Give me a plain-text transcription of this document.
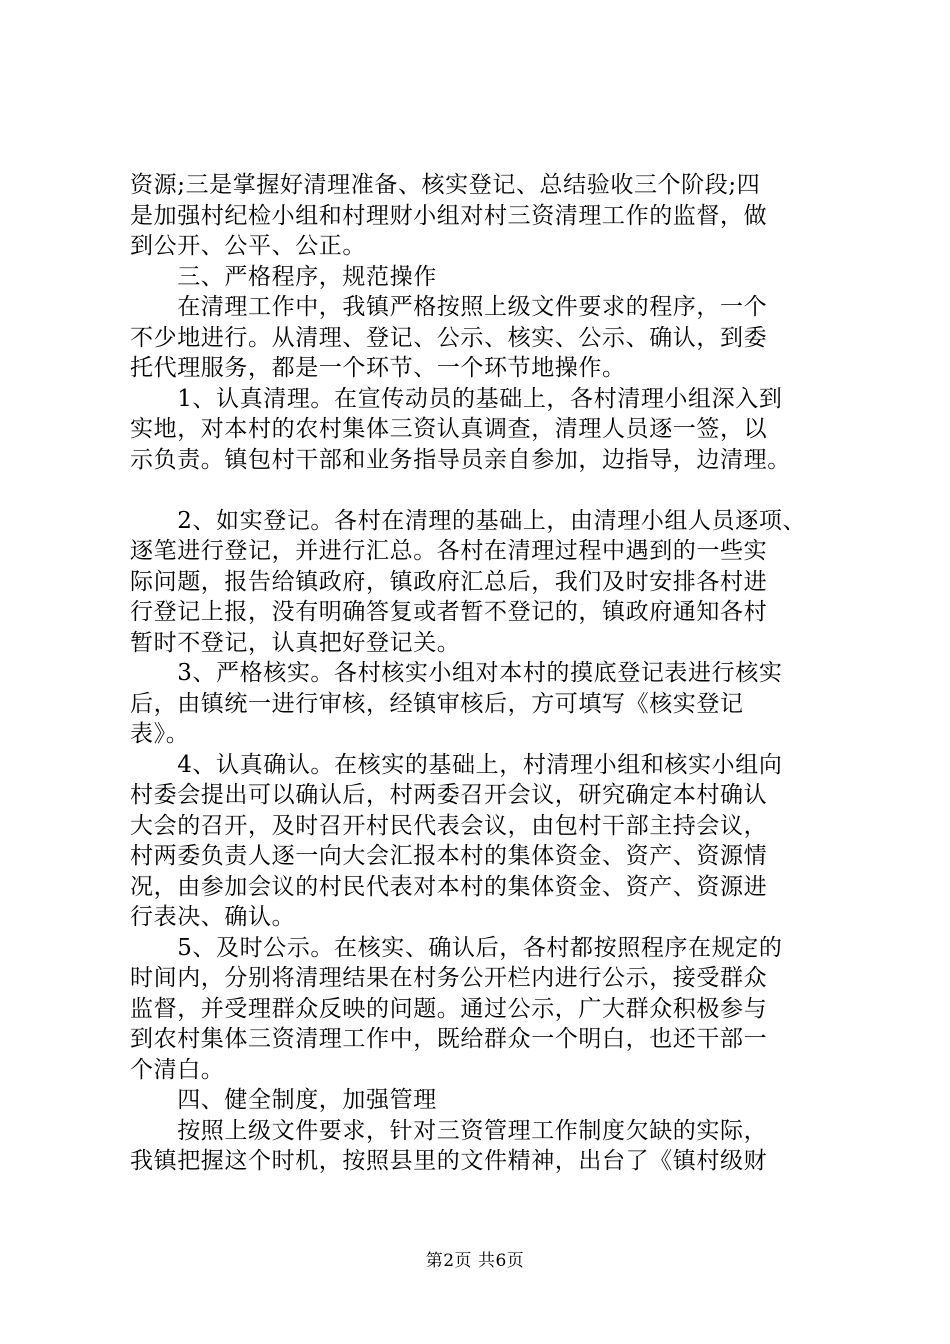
资源;三是掌握好清理准备、核实登记、总结验收三个阶段;四
是加强村纪检小组和村理财小组对村三资清理工作的监督，做
到公开、公平、公正。
　　三、严格程序，规范操作
　　在清理工作中，我镇严格按照上级文件要求的程序，一个
不少地进行。从清理、登记、公示、核实、公示、确认，到委
托代理服务，都是一个环节、一个环节地操作。
　　1、认真清理。在宣传动员的基础上，各村清理小组深入到
实地，对本村的农村集体三资认真调查，清理人员逐一签，以
示负责。镇包村干部和业务指导员亲自参加，边指导，边清理。
　　2、如实登记。各村在清理的基础上，由清理小组人员逐项、
逐笔进行登记，并进行汇总。各村在清理过程中遇到的一些实
际问题，报告给镇政府，镇政府汇总后，我们及时安排各村进
行登记上报，没有明确答复或者暂不登记的，镇政府通知各村
暂时不登记，认真把好登记关。
　　3、严格核实。各村核实小组对本村的摸底登记表进行核实
后，由镇统一进行审核，经镇审核后，方可填写《核实登记
表》。
　　4、认真确认。在核实的基础上，村清理小组和核实小组向
村委会提出可以确认后，村两委召开会议，研究确定本村确认
大会的召开，及时召开村民代表会议，由包村干部主持会议，
村两委负责人逐一向大会汇报本村的集体资金、资产、资源情
况，由参加会议的村民代表对本村的集体资金、资产、资源进
行表决、确认。
　　5、及时公示。在核实、确认后，各村都按照程序在规定的
时间内，分别将清理结果在村务公开栏内进行公示，接受群众
监督，并受理群众反映的问题。通过公示，广大群众积极参与
到农村集体三资清理工作中，既给群众一个明白，也还干部一
个清白。
　　四、健全制度，加强管理
　　按照上级文件要求，针对三资管理工作制度欠缺的实际，
我镇把握这个时机，按照县里的文件精神，出台了《镇村级财
第2页 共6页
